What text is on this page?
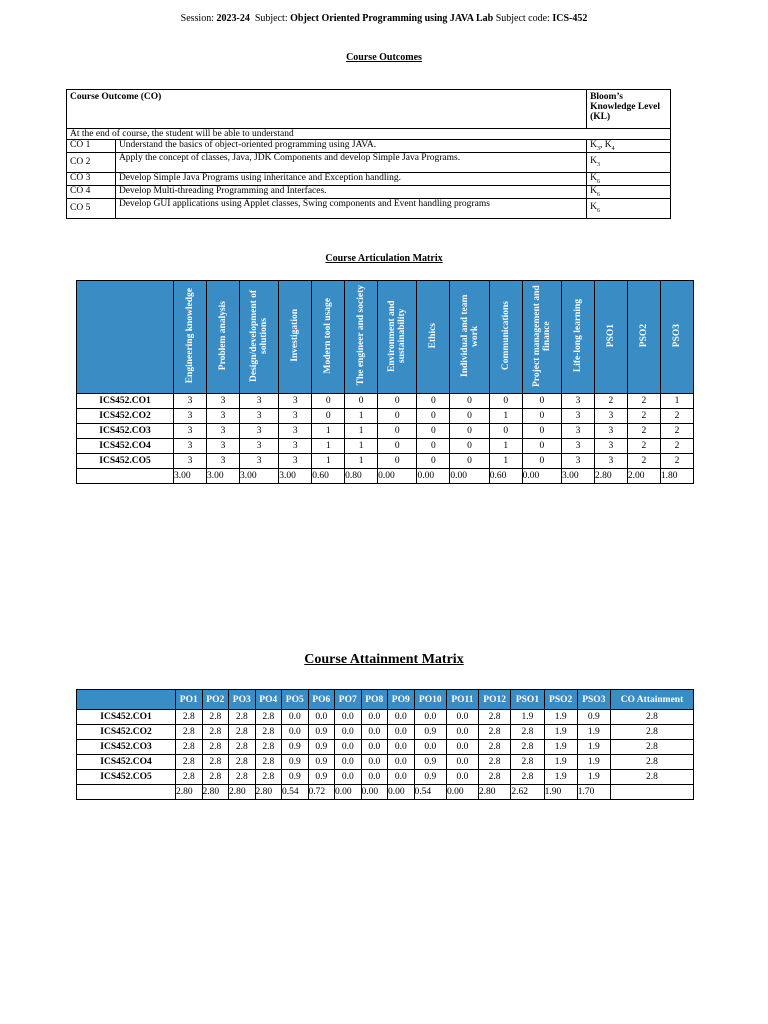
Session: 2023-24 Subject: Object Oriented Programming using JAVA Lab Subject code: ICS-452
Course Outcomes
Course Outcome (CO)		Bloom’s Knowledge Level (KL)
At the end of course, the student will be able to understand		
CO 1	Understand the basics of object-oriented programming using JAVA.	$K_3$, $K_4$
CO 2	Apply the concept of classes, Java, JDK Components and develop Simple Java Programs.	$K_3$
CO 3	Develop Simple Java Programs using inheritance and Exception handling.	$K_6$
CO 4	Develop Multi-threading Programming and Interfaces.	$K_6$
CO 5	Develop GUI applications using Applet classes, Swing components and Event handling programs	$K_6$
Course Articulation Matrix
	Engineering knowledge	Problem analysis	Design/development of solutions	Investigation	Modern tool usage	The engineer and society	Environment and sustainability	Ethics	Individual and team work	Communications	Project management and finance	Life-long learning	PSO1	PSO2	PSO3
ICS452.CO1	3	3	3	3	0	0	0	0	0	0	0	3	2	2	1
ICS452.CO2	3	3	3	3	0	1	0	0	0	1	0	3	3	2	2
ICS452.CO3	3	3	3	3	1	1	0	0	0	0	0	3	3	2	2
ICS452.CO4	3	3	3	3	1	1	0	0	0	1	0	3	3	2	2
ICS452.CO5	3	3	3	3	1	1	0	0	0	1	0	3	3	2	2
	3.00	3.00	3.00	3.00	0.60	0.80	0.00	0.00	0.00	0.60	0.00	3.00	2.80	2.00	1.80
Course Attainment Matrix
	PO1	PO2	PO3	PO4	PO5	PO6	PO7	PO8	PO9	PO10	PO11	PO12	PSO1	PSO2	PSO3	CO Attainment
ICS452.CO1	2.8	2.8	2.8	2.8	0.0	0.0	0.0	0.0	0.0	0.0	0.0	2.8	1.9	1.9	0.9	2.8
ICS452.CO2	2.8	2.8	2.8	2.8	0.0	0.9	0.0	0.0	0.0	0.9	0.0	2.8	2.8	1.9	1.9	2.8
ICS452.CO3	2.8	2.8	2.8	2.8	0.9	0.9	0.0	0.0	0.0	0.0	0.0	2.8	2.8	1.9	1.9	2.8
ICS452.CO4	2.8	2.8	2.8	2.8	0.9	0.9	0.0	0.0	0.0	0.9	0.0	2.8	2.8	1.9	1.9	2.8
ICS452.CO5	2.8	2.8	2.8	2.8	0.9	0.9	0.0	0.0	0.0	0.9	0.0	2.8	2.8	1.9	1.9	2.8
	2.80	2.80	2.80	2.80	0.54	0.72	0.00	0.00	0.00	0.54	0.00	2.80	2.62	1.90	1.70	
